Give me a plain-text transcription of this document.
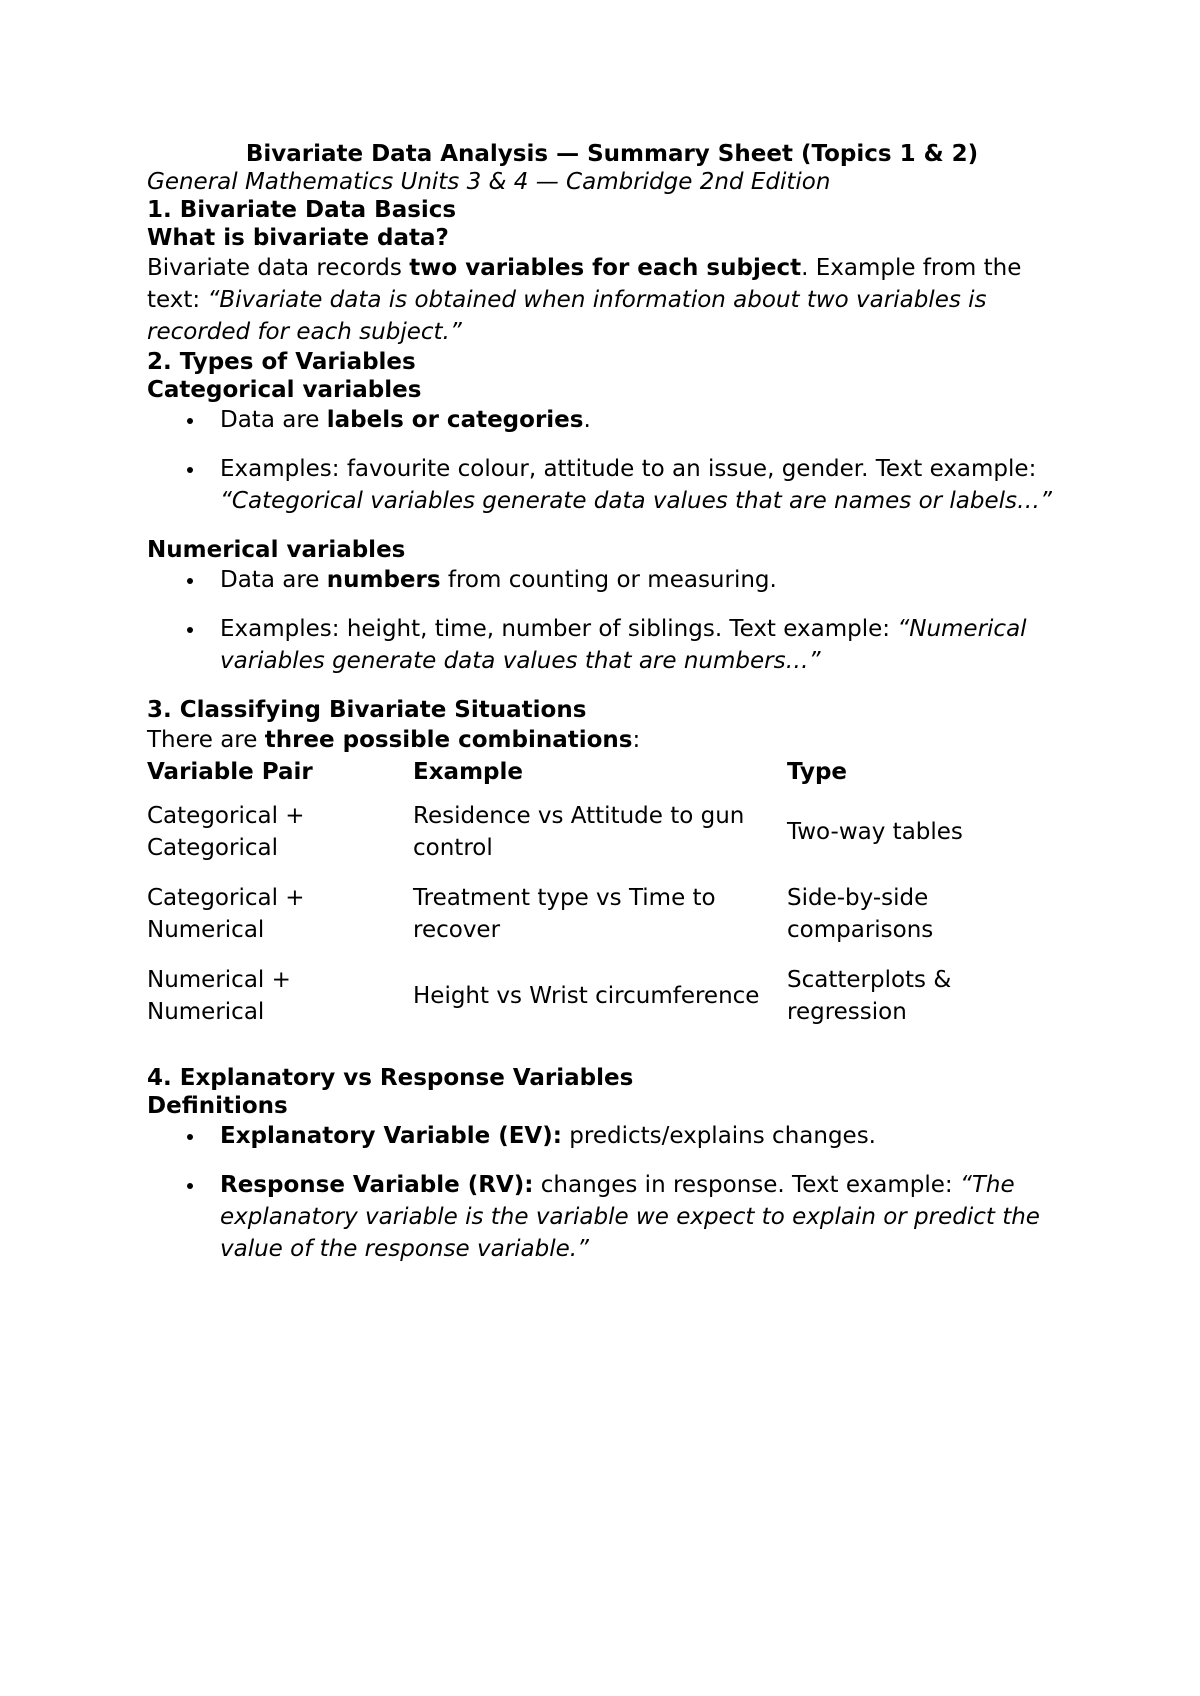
Bivariate Data Analysis — Summary Sheet (Topics 1 & 2)

General Mathematics Units 3 & 4 — Cambridge 2nd Edition

1. Bivariate Data Basics

What is bivariate data?

Bivariate data records two variables for each subject. Example from the text: “Bivariate data is obtained when information about two variables is recorded for each subject.”

2. Types of Variables

Categorical variables

Data are labels or categories.
Examples: favourite colour, attitude to an issue, gender. Text example: “Categorical variables generate data values that are names or labels…”

Numerical variables

Data are numbers from counting or measuring.
Examples: height, time, number of siblings. Text example: “Numerical variables generate data values that are numbers…”

3. Classifying Bivariate Situations

There are three possible combinations:

Variable Pair	Example	Type
Categorical + Categorical	Residence vs Attitude to gun control	Two-way tables
Categorical + Numerical	Treatment type vs Time to recover	Side-by-side comparisons
Numerical + Numerical	Height vs Wrist circumference	Scatterplots & regression

4. Explanatory vs Response Variables

Definitions

Explanatory Variable (EV): predicts/explains changes.
Response Variable (RV): changes in response. Text example: “The explanatory variable is the variable we expect to explain or predict the value of the response variable.”
